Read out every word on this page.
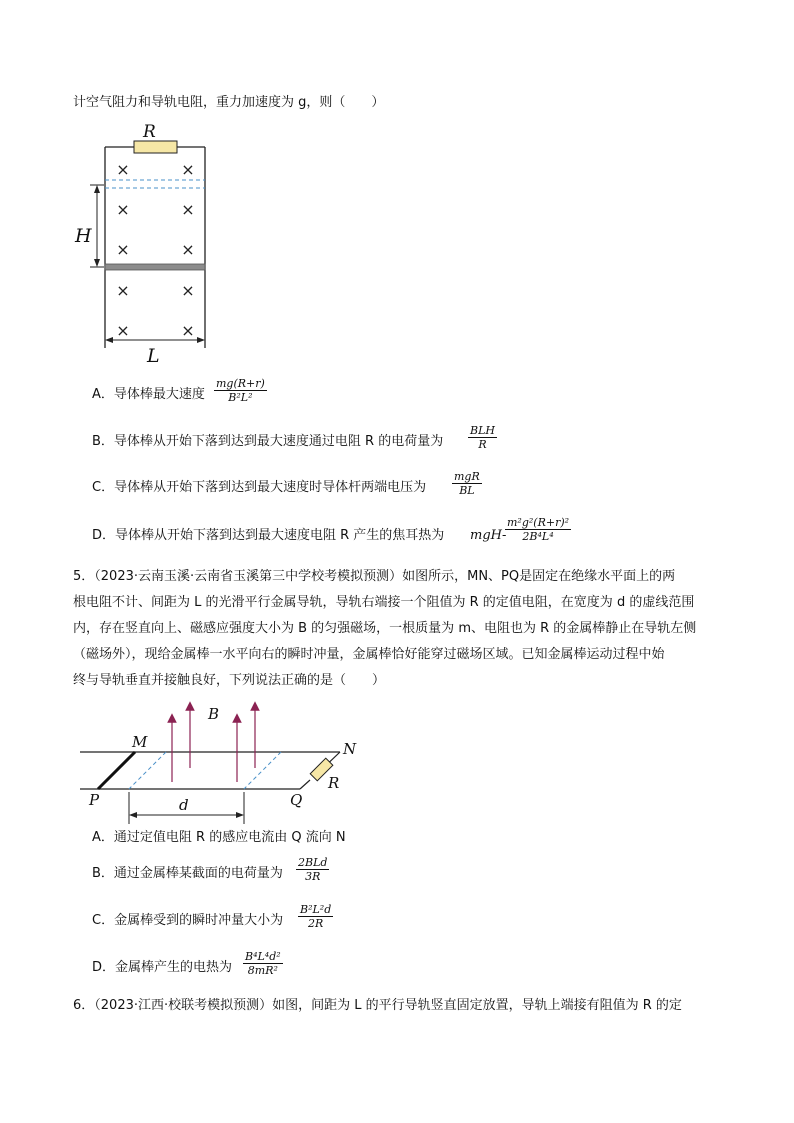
计空气阻力和导轨电阻，重力加速度为 g，则（　　）
R
H
L
×	×
×	×
×	×
×	×
×	×
A．导体棒最大速度 $\frac{mg(R+r)}{\text{B²L²}}$
B．导体棒从开始下落到达到最大速度通过电阻 R 的电荷量为
BLH
R
C．导体棒从开始下落到达到最大速度时导体杆两端电压为
mgR
BL
D．导体棒从开始下落到达到最大速度电阻 R 产生的焦耳热为 mgH-
$\frac{\text{m²g²(R+r)²}}{\text{2B⁴L⁴}}$
5．（2023·云南玉溪·云南省玉溪第三中学校考模拟预测）如图所示，MN、PQ是固定在绝缘水平面上的两
根电阻不计、间距为 L 的光滑平行金属导轨，导轨右端接一个阻值为 R 的定值电阻，在宽度为 d 的虚线范围
内，存在竖直向上、磁感应强度大小为 B 的匀强磁场，一根质量为 m、电阻也为 R 的金属棒静止在导轨左侧
（磁场外），现给金属棒一水平向右的瞬时冲量，金属棒恰好能穿过磁场区域。已知金属棒运动过程中始
终与导轨垂直并接触良好，下列说法正确的是（　　）
B
M	N
P	Q
R
d
A．通过定值电阻 R 的感应电流由 Q 流向 N
B．通过金属棒某截面的电荷量为
2BLd
3R
C．金属棒受到的瞬时冲量大小为 $\frac{\text{B²L²d}}{2R}$
D．金属棒产生的电热为 $\frac{\text{B⁴L⁴d²}}{\text{8mR²}}$
6．（2023·江西·校联考模拟预测）如图，间距为 L 的平行导轨竖直固定放置，导轨上端接有阻值为 R 的定
